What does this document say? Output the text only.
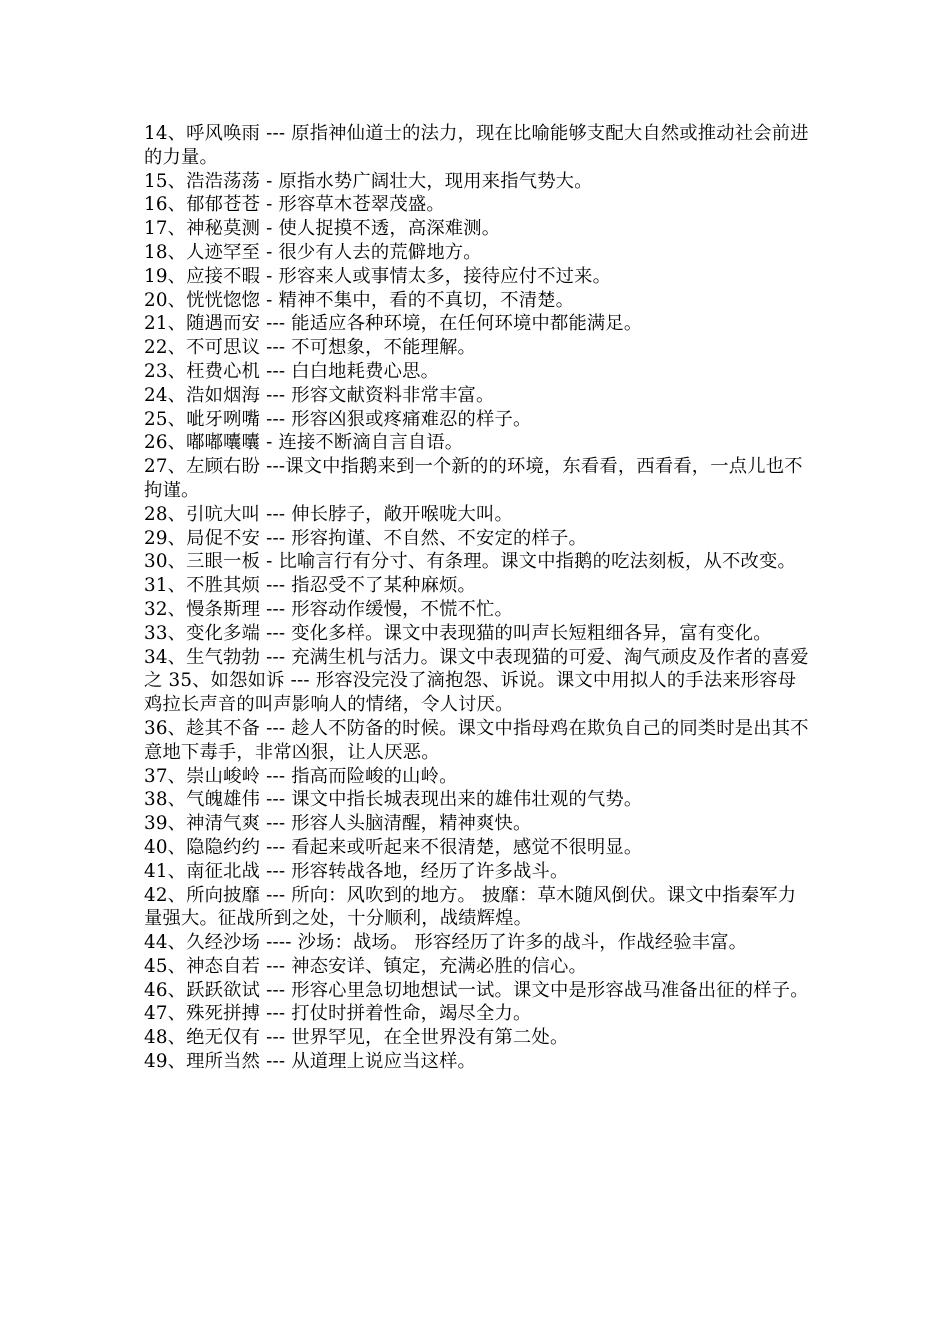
14、呼风唤雨 --- 原指神仙道士的法力，现在比喻能够支配大自然或推动社会前进的力量。

15、浩浩荡荡 - 原指水势广阔壮大，现用来指气势大。

16、郁郁苍苍 - 形容草木苍翠茂盛。

17、神秘莫测 - 使人捉摸不透，高深难测。

18、人迹罕至 - 很少有人去的荒僻地方。

19、应接不暇 - 形容来人或事情太多，接待应付不过来。

20、恍恍惚惚 - 精神不集中，看的不真切，不清楚。

21、随遇而安 --- 能适应各种环境，在任何环境中都能满足。

22、不可思议 --- 不可想象，不能理解。

23、枉费心机 --- 白白地耗费心思。

24、浩如烟海 --- 形容文献资料非常丰富。

25、呲牙咧嘴 --- 形容凶狠或疼痛难忍的样子。

26、嘟嘟囔囔 - 连接不断滴自言自语。

27、左顾右盼 ---课文中指鹅来到一个新的的环境，东看看，西看看，一点儿也不拘谨。

28、引吭大叫 --- 伸长脖子，敞开喉咙大叫。

29、局促不安 --- 形容拘谨、不自然、不安定的样子。

30、三眼一板 - 比喻言行有分寸、有条理。课文中指鹅的吃法刻板，从不改变。

31、不胜其烦 --- 指忍受不了某种麻烦。

32、慢条斯理 --- 形容动作缓慢，不慌不忙。

33、变化多端 --- 变化多样。课文中表现猫的叫声长短粗细各异，富有变化。

34、生气勃勃 --- 充满生机与活力。课文中表现猫的可爱、淘气顽皮及作者的喜爱之 35、如怨如诉 --- 形容没完没了滴抱怨、诉说。课文中用拟人的手法来形容母鸡拉长声音的叫声影响人的情绪，令人讨厌。

36、趁其不备 --- 趁人不防备的时候。课文中指母鸡在欺负自己的同类时是出其不意地下毒手，非常凶狠，让人厌恶。

37、崇山峻岭 --- 指高而险峻的山岭。

38、气魄雄伟 --- 课文中指长城表现出来的雄伟壮观的气势。

39、神清气爽 --- 形容人头脑清醒，精神爽快。

40、隐隐约约 --- 看起来或听起来不很清楚，感觉不很明显。

41、南征北战 --- 形容转战各地，经历了许多战斗。

42、所向披靡 --- 所向：风吹到的地方。 披靡：草木随风倒伏。课文中指秦军力量强大。征战所到之处，十分顺利，战绩辉煌。

44、久经沙场 ---- 沙场：战场。 形容经历了许多的战斗，作战经验丰富。

45、神态自若 --- 神态安详、镇定，充满必胜的信心。

46、跃跃欲试 --- 形容心里急切地想试一试。课文中是形容战马准备出征的样子。

47、殊死拼搏 --- 打仗时拼着性命，竭尽全力。

48、绝无仅有 --- 世界罕见，在全世界没有第二处。

49、理所当然 --- 从道理上说应当这样。
